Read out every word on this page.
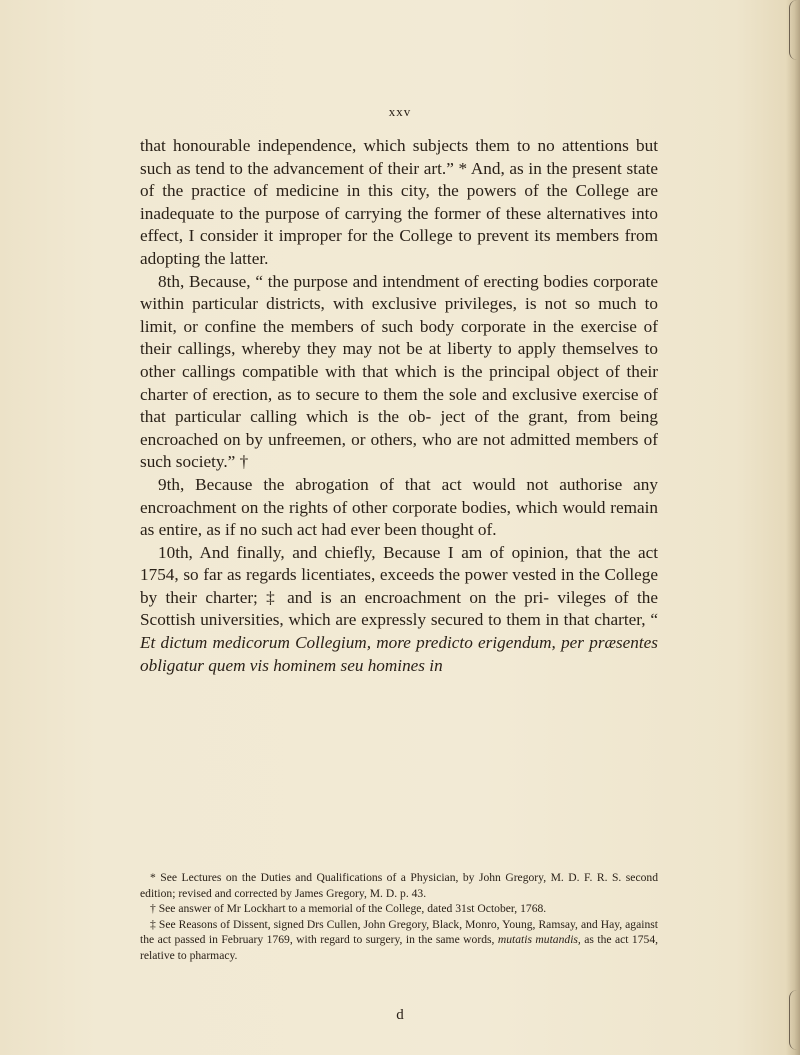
xxv

that honourable independence, which subjects them to no attentions but such as tend to the advancement of their art.” * And, as in the present state of the practice of medicine in this city, the powers of the College are inadequate to the purpose of carrying the former of these alternatives into effect, I consider it improper for the College to prevent its members from adopting the latter.

8th, Because, “ the purpose and intendment of erecting bodies corporate within particular districts, with exclusive privileges, is not so much to limit, or confine the members of such body corporate in the exercise of their callings, whereby they may not be at liberty to apply themselves to other callings compatible with that which is the principal object of their charter of erection, as to secure to them the sole and exclusive exercise of that particular calling which is the ob- ject of the grant, from being encroached on by unfreemen, or others, who are not admitted members of such society.” †

9th, Because the abrogation of that act would not authorise any encroachment on the rights of other corporate bodies, which would remain as entire, as if no such act had ever been thought of.

10th, And finally, and chiefly, Because I am of opinion, that the act 1754, so far as regards licentiates, exceeds the power vested in the College by their charter; ‡ and is an encroachment on the pri- vileges of the Scottish universities, which are expressly secured to them in that charter, “ Et dictum medicorum Collegium, more predicto erigendum, per præsentes obligatur quem vis hominem seu homines in

* See Lectures on the Duties and Qualifications of a Physician, by John Gregory, M. D. F. R. S. second edition; revised and corrected by James Gregory, M. D. p. 43.

† See answer of Mr Lockhart to a memorial of the College, dated 31st October, 1768.

‡ See Reasons of Dissent, signed Drs Cullen, John Gregory, Black, Monro, Young, Ramsay, and Hay, against the act passed in February 1769, with regard to surgery, in the same words, mutatis mutandis, as the act 1754, relative to pharmacy.

d
